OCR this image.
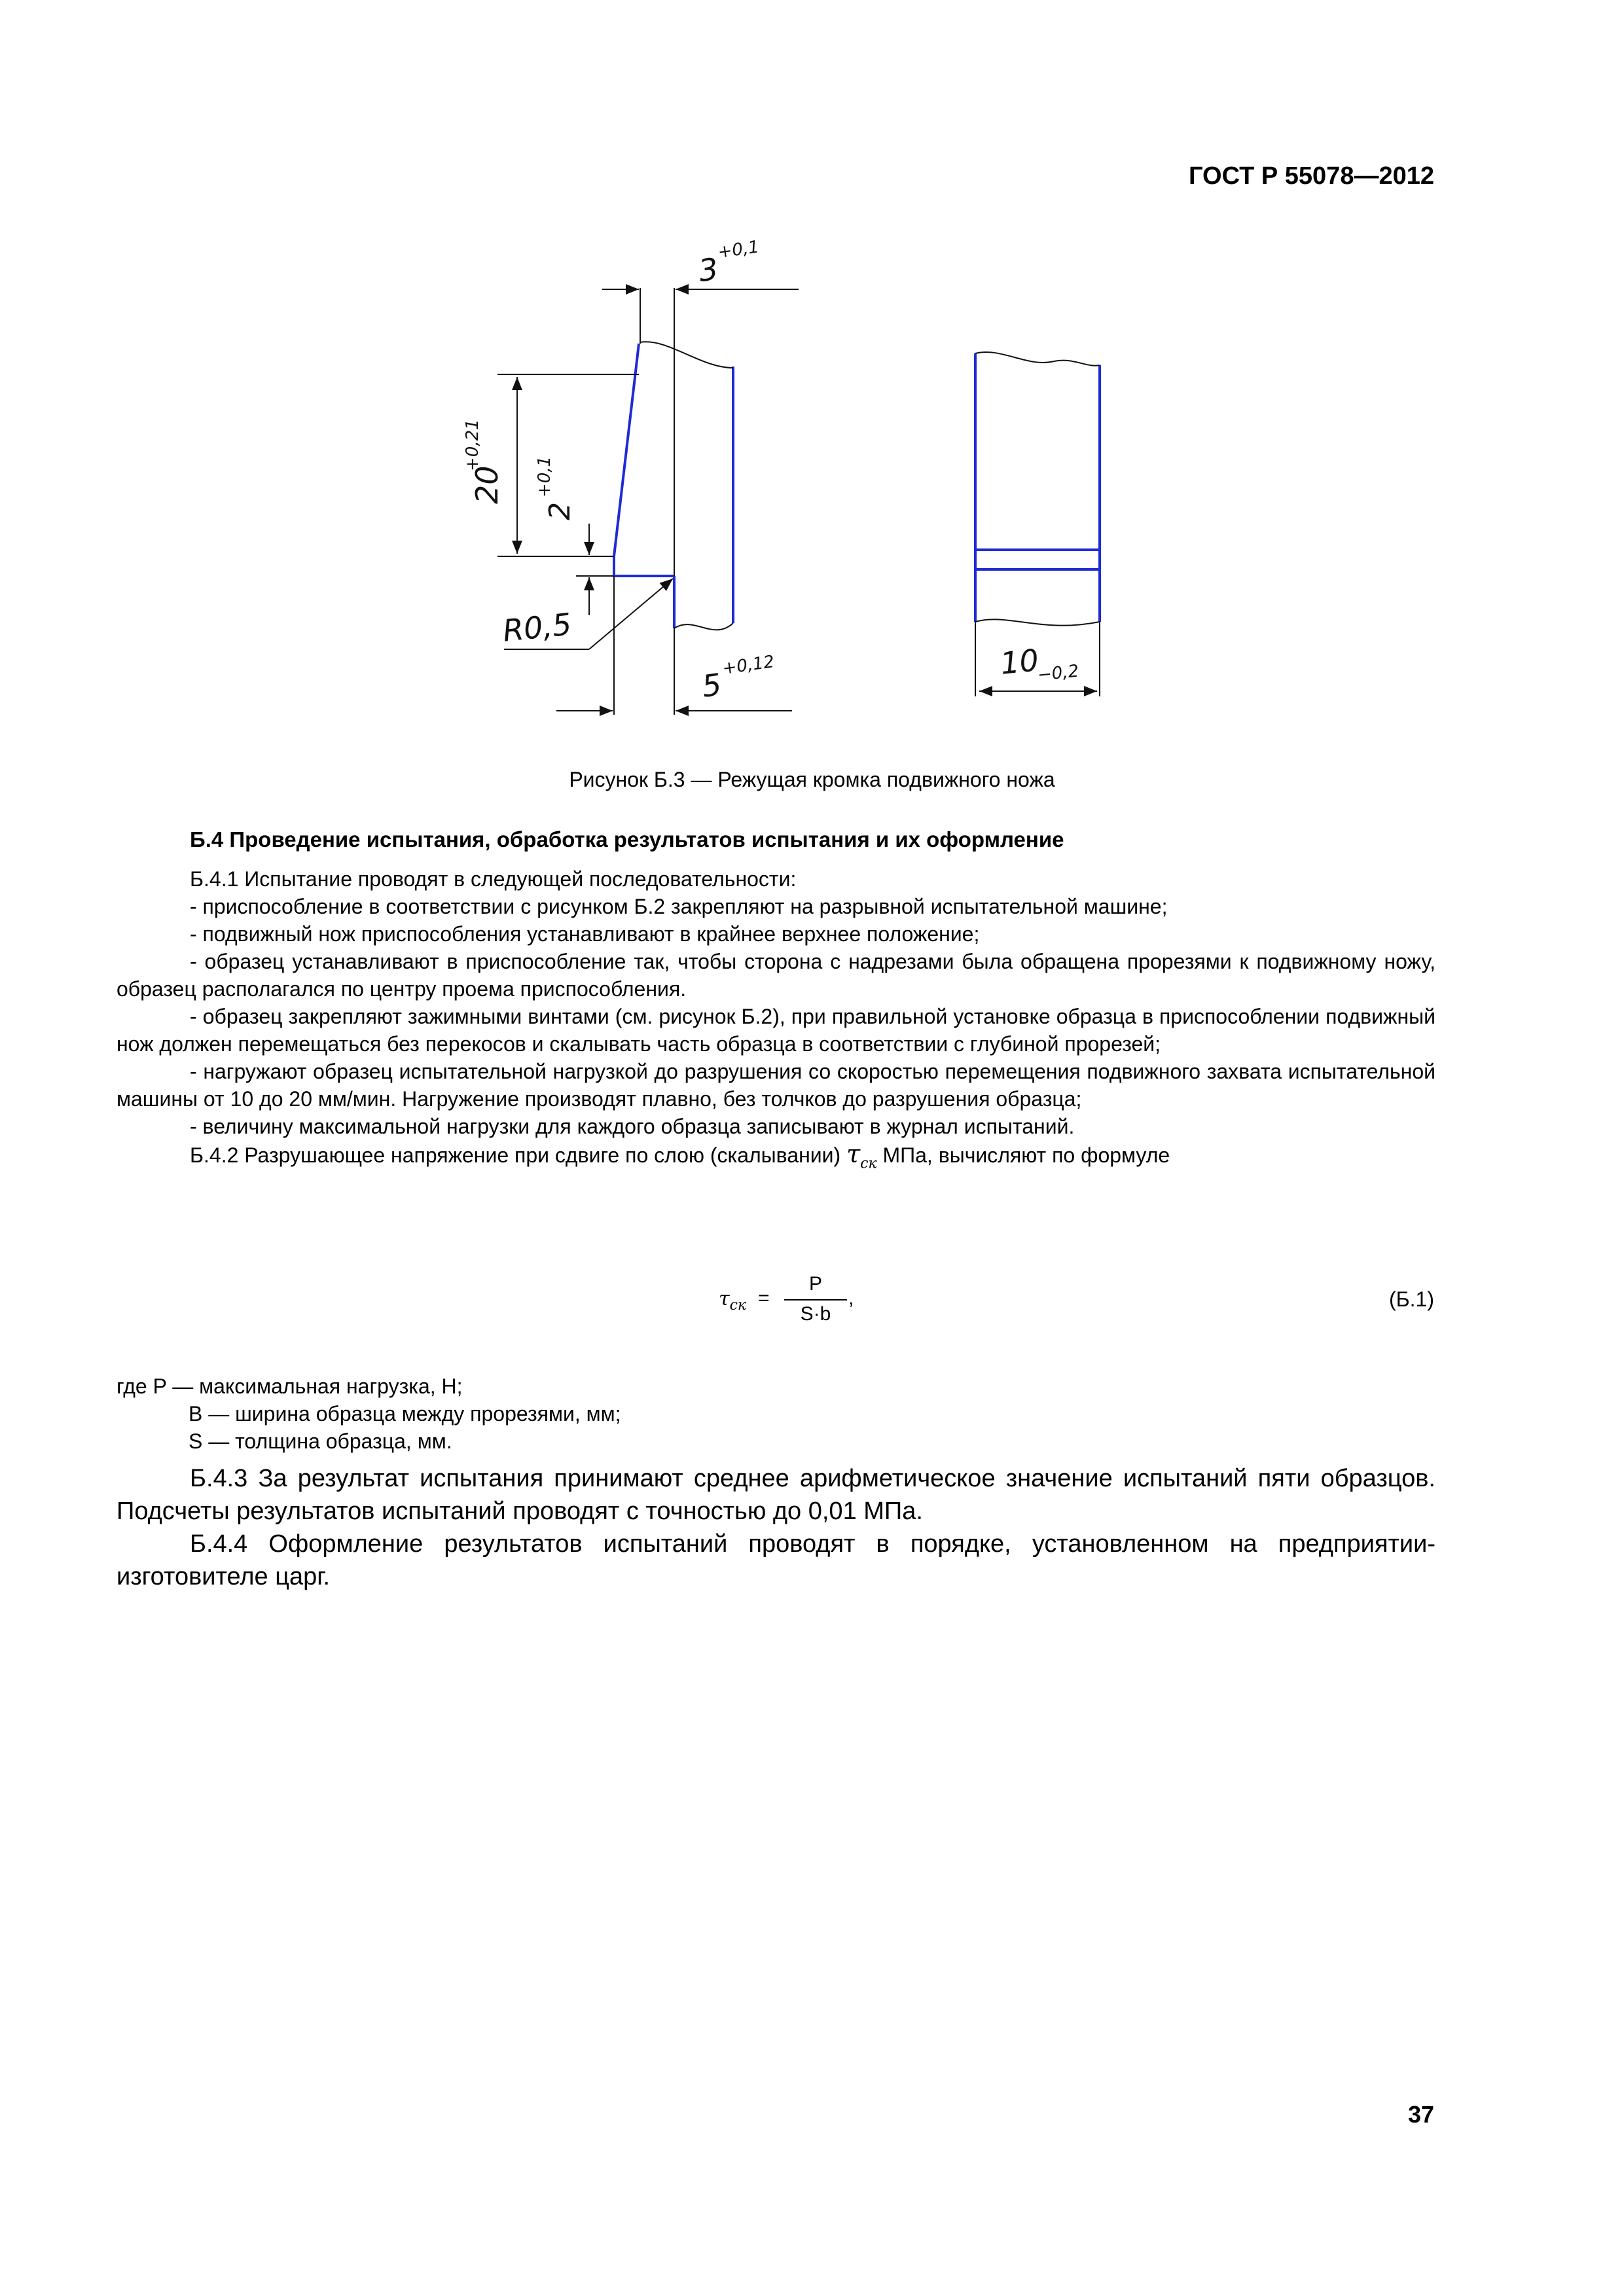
ГОСТ Р 55078—2012
3
+0,1
20
+0,21
2
+0,1
R0,5
5
+0,12	10
−0,2
Рисунок Б.3 — Режущая кромка подвижного ножа
Б.4 Проведение испытания, обработка результатов испытания и их оформление

Б.4.1 Испытание проводят в следующей последовательности:

- приспособление в соответствии с рисунком Б.2 закрепляют на разрывной испытательной машине;

- подвижный нож приспособления устанавливают в крайнее верхнее положение;

- образец устанавливают в приспособление так, чтобы сторона с надрезами была обращена прорезями к подвижному ножу, образец располагался по центру проема приспособления.

- образец закрепляют зажимными винтами (см. рисунок Б.2), при правильной установке образца в приспособлении подвижный нож должен перемещаться без перекосов и скалывать часть образца в соответствии с глубиной прорезей;

- нагружают образец испытательной нагрузкой до разрушения со скоростью перемещения подвижного захвата испытательной машины от 10 до 20 мм/мин. Нагружение производят плавно, без толчков до разрушения образца;

- величину максимальной нагрузки для каждого образца записывают в журнал испытаний.

Б.4.2 Разрушающее напряжение при сдвиге по слою (скалывании) $\tau_{ск}$ МПа, вычисляют по формуле

$\tau_{ск}$ =
P
S·b
,	(Б.1)

где P — максимальная нагрузка, Н;

B — ширина образца между прорезями, мм;

S — толщина образца, мм.

Б.4.3 За результат испытания принимают среднее арифметическое значение испытаний пяти образцов. Подсчеты результатов испытаний проводят с точностью до 0,01 МПа.

Б.4.4 Оформление результатов испытаний проводят в порядке, установленном на предприятии-изготовителе царг.

37
